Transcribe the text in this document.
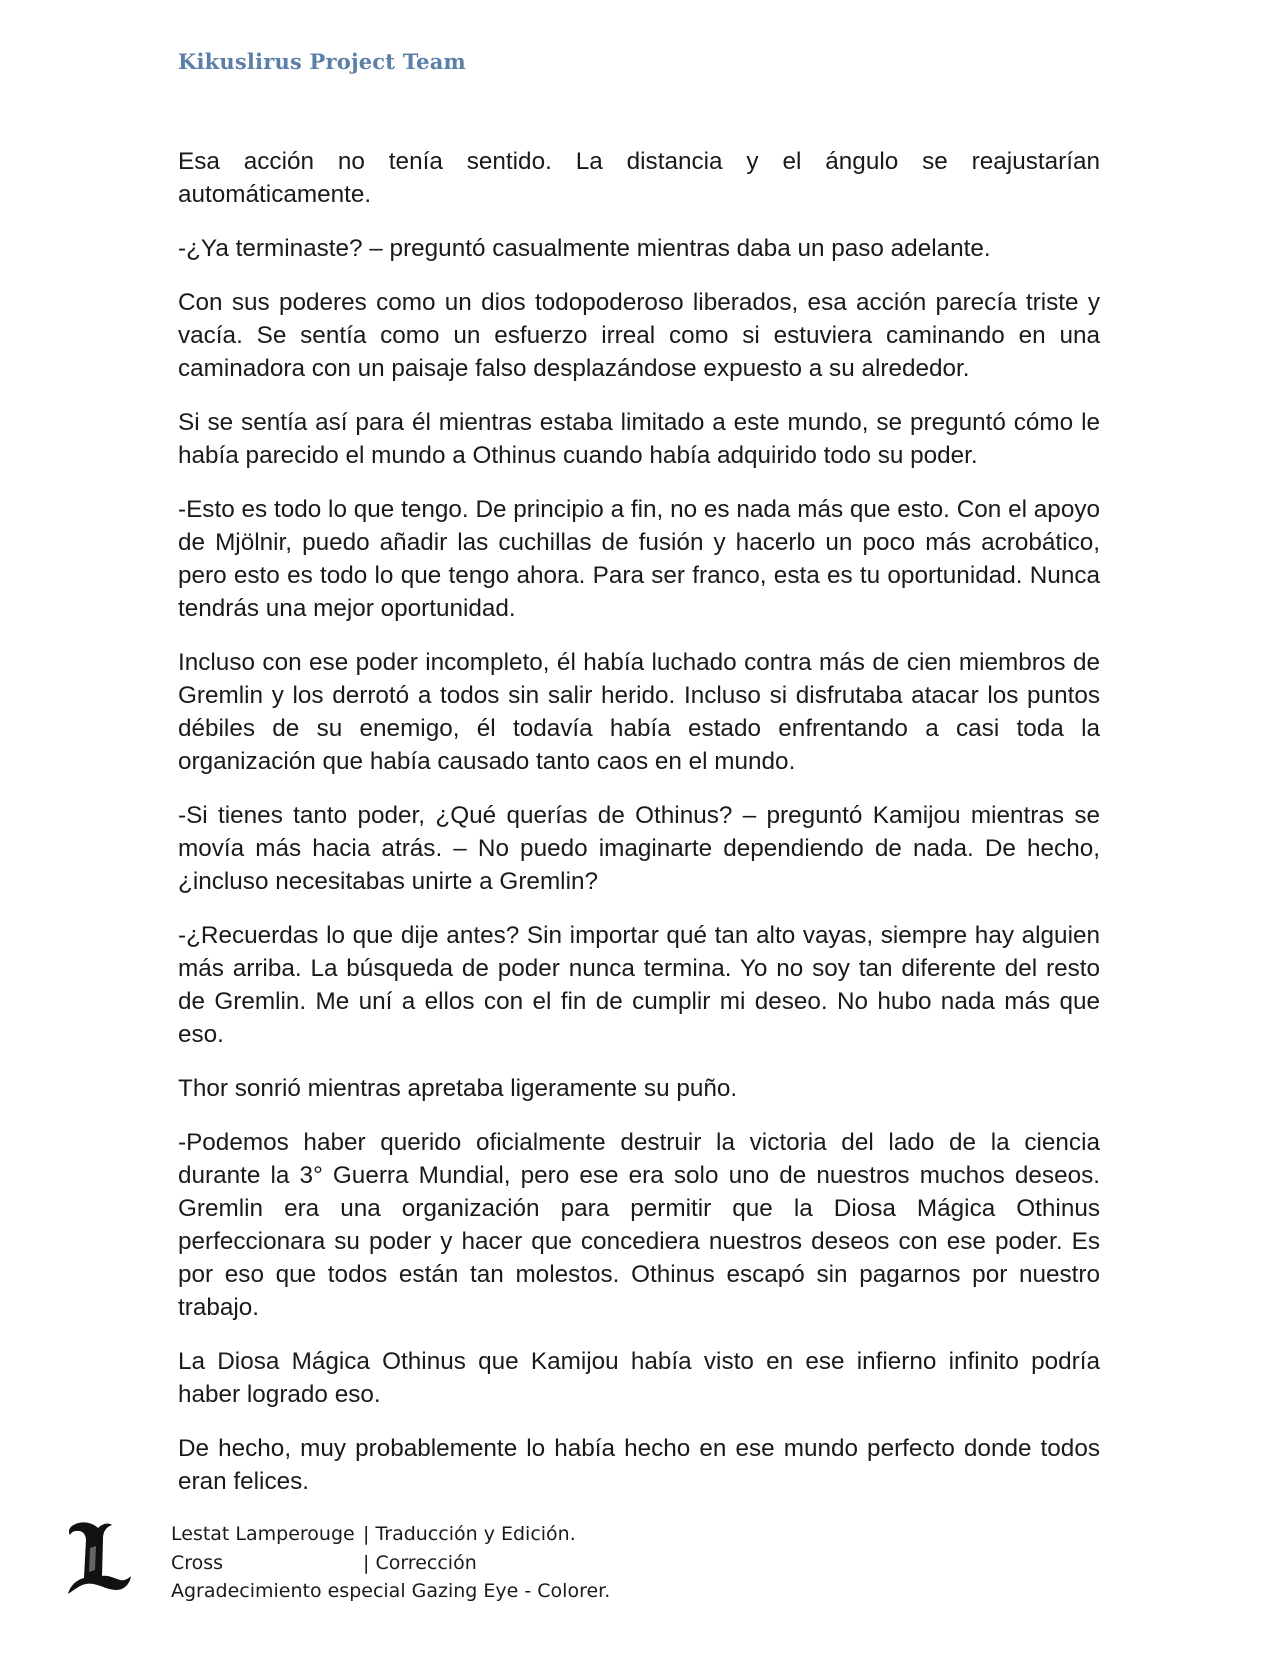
Kikuslirus Project Team

Esa acción no tenía sentido. La distancia y el ángulo se reajustarían automáticamente.

-¿Ya terminaste? – preguntó casualmente mientras daba un paso adelante.

Con sus poderes como un dios todopoderoso liberados, esa acción parecía triste y vacía. Se sentía como un esfuerzo irreal como si estuviera caminando en una caminadora con un paisaje falso desplazándose expuesto a su alrededor.

Si se sentía así para él mientras estaba limitado a este mundo, se preguntó cómo le había parecido el mundo a Othinus cuando había adquirido todo su poder.

-Esto es todo lo que tengo. De principio a fin, no es nada más que esto. Con el apoyo de Mjölnir, puedo añadir las cuchillas de fusión y hacerlo un poco más acrobático, pero esto es todo lo que tengo ahora. Para ser franco, esta es tu oportunidad. Nunca tendrás una mejor oportunidad.

Incluso con ese poder incompleto, él había luchado contra más de cien miembros de Gremlin y los derrotó a todos sin salir herido. Incluso si disfrutaba atacar los puntos débiles de su enemigo, él todavía había estado enfrentando a casi toda la organización que había causado tanto caos en el mundo.

-Si tienes tanto poder, ¿Qué querías de Othinus? – preguntó Kamijou mientras se movía más hacia atrás. – No puedo imaginarte dependiendo de nada. De hecho, ¿incluso necesitabas unirte a Gremlin?

-¿Recuerdas lo que dije antes? Sin importar qué tan alto vayas, siempre hay alguien más arriba. La búsqueda de poder nunca termina. Yo no soy tan diferente del resto de Gremlin. Me uní a ellos con el fin de cumplir mi deseo. No hubo nada más que eso.

Thor sonrió mientras apretaba ligeramente su puño.

-Podemos haber querido oficialmente destruir la victoria del lado de la ciencia durante la 3° Guerra Mundial, pero ese era solo uno de nuestros muchos deseos. Gremlin era una organización para permitir que la Diosa Mágica Othinus perfeccionara su poder y hacer que concediera nuestros deseos con ese poder. Es por eso que todos están tan molestos. Othinus escapó sin pagarnos por nuestro trabajo.

La Diosa Mágica Othinus que Kamijou había visto en ese infierno infinito podría haber logrado eso.

De hecho, muy probablemente lo había hecho en ese mundo perfecto donde todos eran felices.

Lestat Lamperouge | Traducción y Edición.
Cross	| Corrección
Agradecimiento especial Gazing Eye - Colorer.
